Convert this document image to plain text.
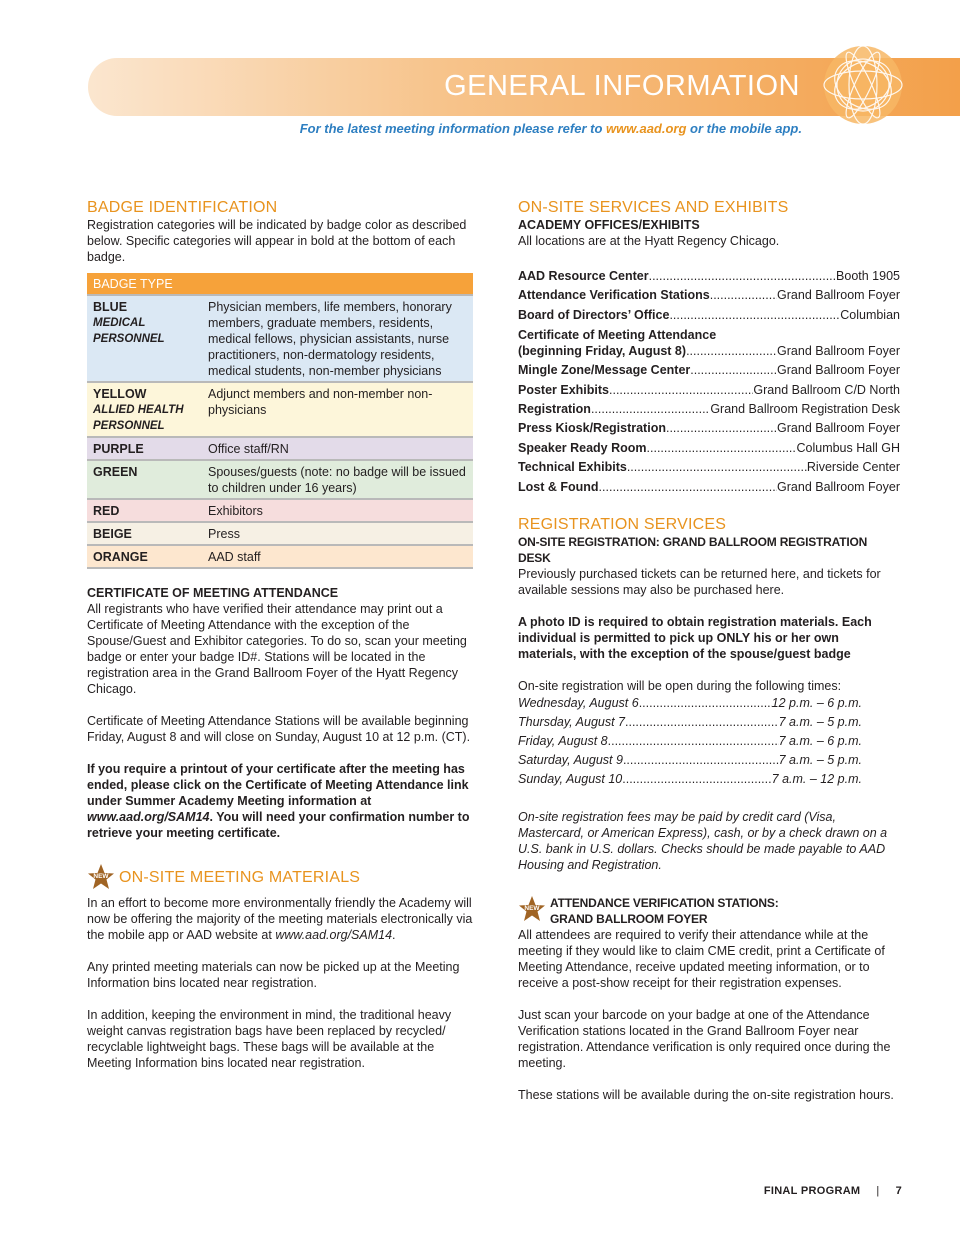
GENERAL INFORMATION
For the latest meeting information please refer to www.aad.org or the mobile app.
BADGE IDENTIFICATION

Registration categories will be indicated by badge color as described below. Specific categories will appear in bold at the bottom of each badge.

BADGE TYPE	
BLUE
MEDICAL PERSONNEL	Physician members, life members, honorary members, graduate members, residents, medical fellows, physician assistants, nurse practitioners, non-dermatology residents, medical students, non-member physicians
YELLOW
ALLIED HEALTH PERSONNEL	Adjunct members and non-member non-physicians
PURPLE	Office staff/RN
GREEN	Spouses/guests (note: no badge will be issued to children under 16 years)
RED	Exhibitors
BEIGE	Press
ORANGE	AAD staff
CERTIFICATE OF MEETING ATTENDANCE

All registrants who have verified their attendance may print out a Certificate of Meeting Attendance with the exception of the Spouse/Guest and Exhibitor categories. To do so, scan your meeting badge or enter your badge ID#. Stations will be located in the registration area in the Grand Ballroom Foyer of the Hyatt Regency Chicago.

Certificate of Meeting Attendance Stations will be available beginning Friday, August 8 and will close on Sunday, August 10 at 12 p.m. (CT).

If you require a printout of your certificate after the meeting has ended, please click on the Certificate of Meeting Attendance link under Summer Academy Meeting information at www.aad.org/SAM14. You will need your confirmation number to retrieve your meeting certificate.

NEW ON-SITE MEETING MATERIALS

In an effort to become more environmentally friendly the Academy will now be offering the majority of the meeting materials electronically via the mobile app or AAD website at www.aad.org/SAM14.

Any printed meeting materials can now be picked up at the Meeting Information bins located near registration.

In addition, keeping the environment in mind, the traditional heavy weight canvas registration bags have been replaced by recycled/ recyclable lightweight bags. These bags will be available at the Meeting Information bins located near registration.

ON-SITE SERVICES AND EXHIBITS
ACADEMY OFFICES/EXHIBITS

All locations are at the Hyatt Regency Chicago.

AAD Resource Center .....	Booth 1905
Attendance Verification Stations .....	Grand Ballroom Foyer
Board of Directors’ Office .....	Columbian
Certificate of Meeting Attendance
(beginning Friday, August 8) .....	Grand Ballroom Foyer
Mingle Zone/Message Center .....	Grand Ballroom Foyer
Poster Exhibits .....	Grand Ballroom C/D North
Registration .....	Grand Ballroom Registration Desk
Press Kiosk/Registration .....	Grand Ballroom Foyer
Speaker Ready Room .....	Columbus Hall GH
Technical Exhibits .....	Riverside Center
Lost & Found .....	Grand Ballroom Foyer
REGISTRATION SERVICES
ON-SITE REGISTRATION: GRAND BALLROOM REGISTRATION DESK

Previously purchased tickets can be returned here, and tickets for available sessions may also be purchased here.

A photo ID is required to obtain registration materials. Each individual is permitted to pick up ONLY his or her own materials, with the exception of the spouse/guest badge

On-site registration will be open during the following times:

Wednesday, August 6 .....	12 p.m. – 6 p.m.
Thursday, August 7 .....	7 a.m. – 5 p.m.
Friday, August 8 .....	7 a.m. – 6 p.m.
Saturday, August 9 .....	7 a.m. – 5 p.m.
Sunday, August 10 .....	7 a.m. – 12 p.m.

On-site registration fees may be paid by credit card (Visa, Mastercard, or American Express), cash, or by a check drawn on a U.S. bank in U.S. dollars. Checks should be made payable to AAD Housing and Registration.

NEW ATTENDANCE VERIFICATION STATIONS:
GRAND BALLROOM FOYER

All attendees are required to verify their attendance while at the meeting if they would like to claim CME credit, print a Certificate of Meeting Attendance, receive updated meeting information, or to receive a post-show receipt for their registration expenses.

Just scan your barcode on your badge at one of the Attendance Verification stations located in the Grand Ballroom Foyer near registration. Attendance verification is only required once during the meeting.

These stations will be available during the on-site registration hours.

FINAL PROGRAM | 7
